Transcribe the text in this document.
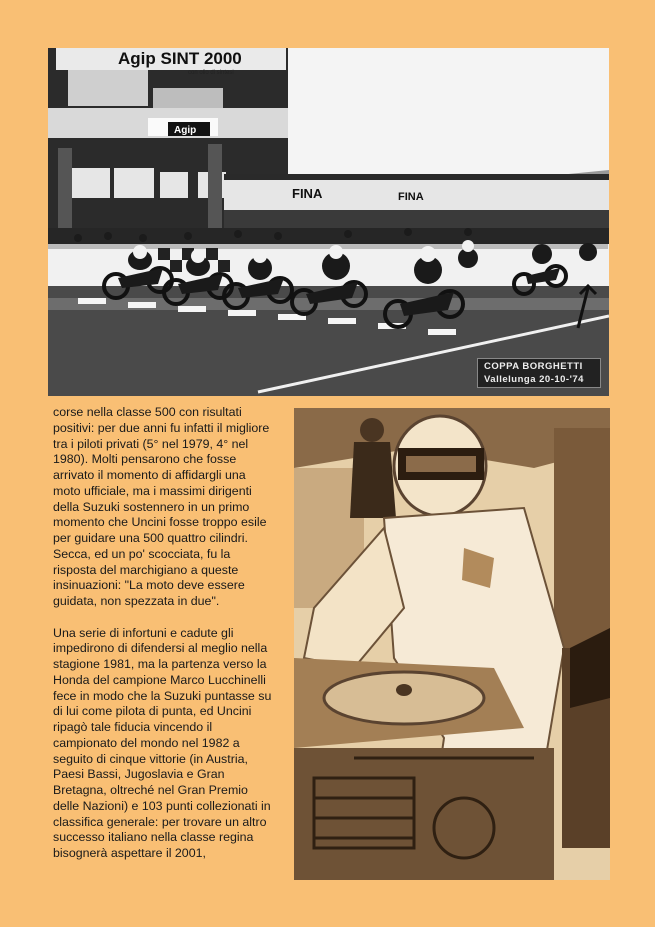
Agip SINT 2000
con olio di sintesi
Agip
FINA	FINA
COPPA BORGHETTI
Vallelunga 20-10-'74

corse nella classe 500 con risultati positivi: per due anni fu infatti il migliore tra i piloti privati (5° nel 1979, 4° nel 1980). Molti pensarono che fosse arrivato il momento di affidargli una moto ufficiale, ma i massimi dirigenti della Suzuki sostennero in un primo momento che Uncini fosse troppo esile per guidare una 500 quattro cilindri. Secca, ed un po' scocciata, fu la risposta del marchigiano a queste insinuazioni: "La moto deve essere guidata, non spezzata in due".

Una serie di infortuni e cadute gli impedirono di difendersi al meglio nella stagione 1981, ma la partenza verso la Honda del campione Marco Lucchinelli fece in modo che la Suzuki puntasse su di lui come pilota di punta, ed Uncini ripagò tale fiducia vincendo il campionato del mondo nel 1982 a seguito di cinque vittorie (in Austria, Paesi Bassi, Jugoslavia e Gran Bretagna, oltreché nel Gran Premio delle Nazioni) e 103 punti collezionati in classifica generale: per trovare un altro successo italiano nella classe regina bisognerà aspettare il 2001,
